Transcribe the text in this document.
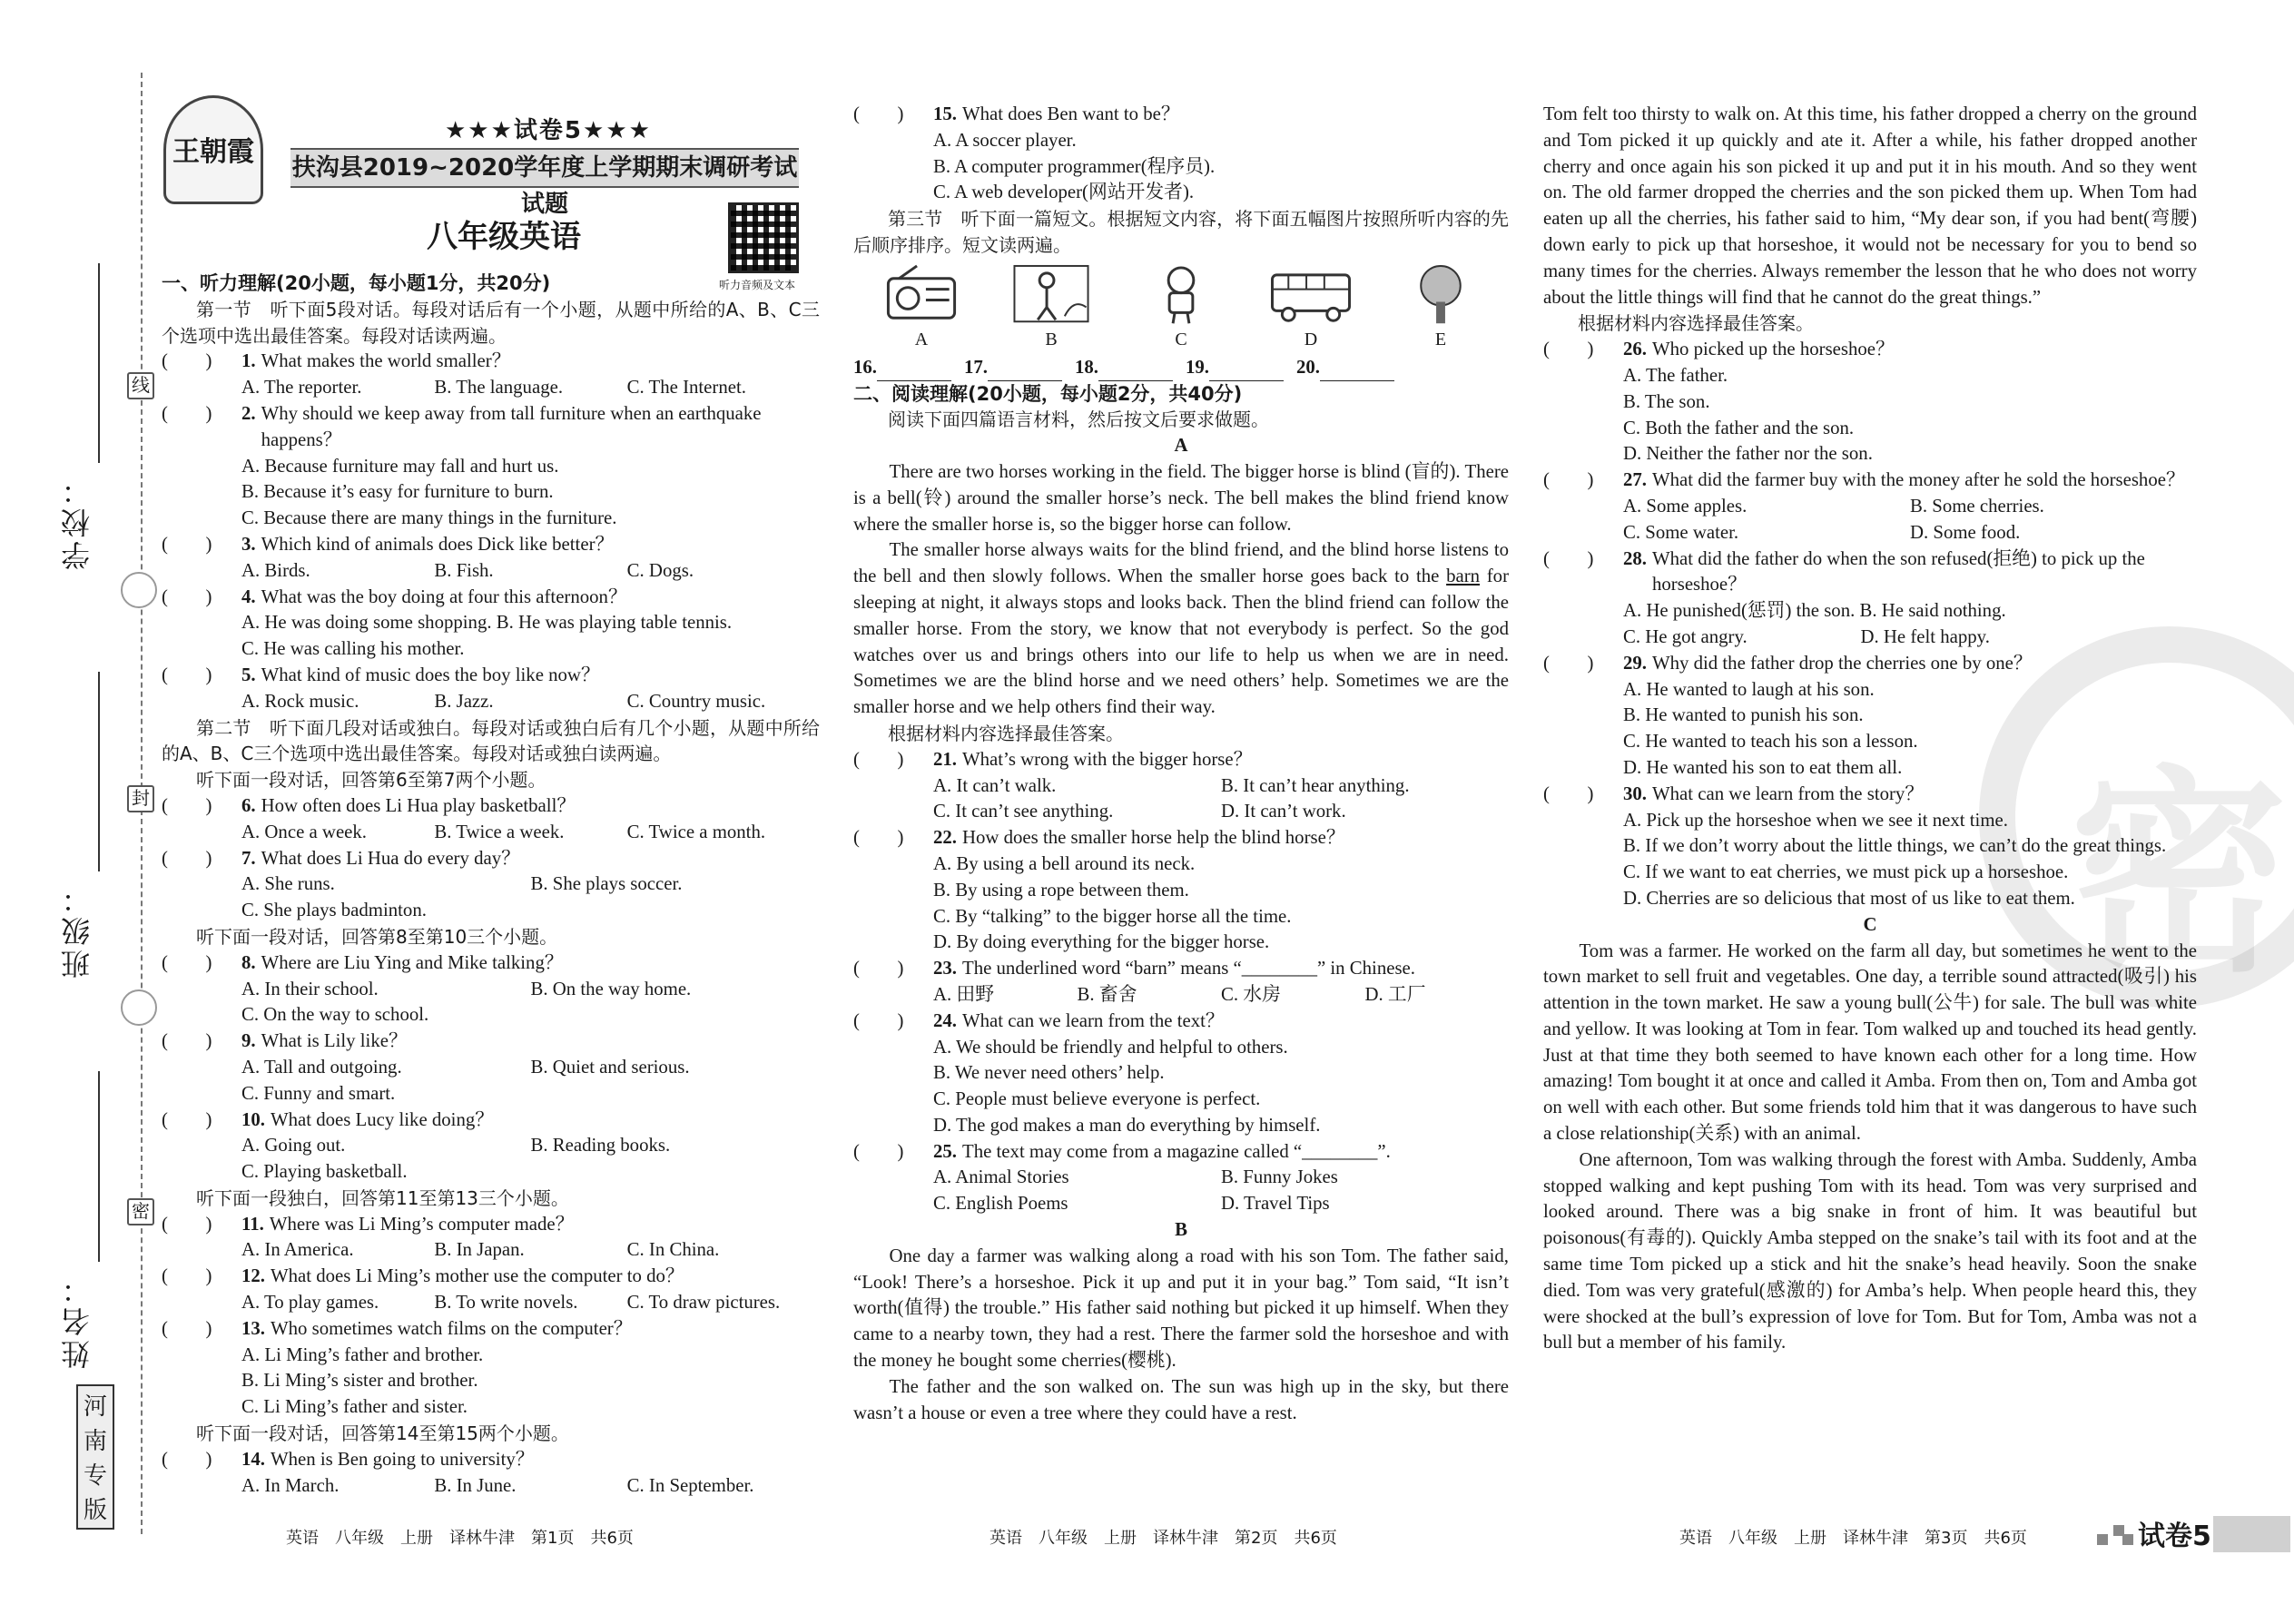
学校：
班级：
姓名：
线
封
密
河南专版
密
王朝霞
★★★试卷5★★★
扶沟县2019~2020学年度上学期期末调研考试试题
八年级英语
听力音频及文本
一、听力理解(20小题，每小题1分，共20分)
第一节　听下面5段对话。每段对话后有一个小题，从题中所给的A、B、C三个选项中选出最佳答案。每段对话读两遍。
(　　)	1. What makes the world smaller？
A. The reporter.	B. The language.	C. The Internet.
(　　)	2. Why should we keep away from tall furniture when an earthquake happens？
A. Because furniture may fall and hurt us.
B. Because it’s easy for furniture to burn.
C. Because there are many things in the furniture.
(　　)	3. Which kind of animals does Dick like better？
A. Birds.	B. Fish.	C. Dogs.
(　　)	4. What was the boy doing at four this afternoon？
A. He was doing some shopping. B. He was playing table tennis.
C. He was calling his mother.
(　　)	5. What kind of music does the boy like now？
A. Rock music.	B. Jazz.	C. Country music.
第二节　听下面几段对话或独白。每段对话或独白后有几个小题，从题中所给的A、B、C三个选项中选出最佳答案。每段对话或独白读两遍。
听下面一段对话，回答第6至第7两个小题。
(　　)	6. How often does Li Hua play basketball？
A. Once a week.	B. Twice a week.	C. Twice a month.
(　　)	7. What does Li Hua do every day？
A. She runs.	B. She plays soccer.
C. She plays badminton.
听下面一段对话，回答第8至第10三个小题。
(　　)	8. Where are Liu Ying and Mike talking？
A. In their school.	B. On the way home.
C. On the way to school.
(　　)	9. What is Lily like？
A. Tall and outgoing.	B. Quiet and serious.
C. Funny and smart.
(　　)	10. What does Lucy like doing？
A. Going out.	B. Reading books.
C. Playing basketball.
听下面一段独白，回答第11至第13三个小题。
(　　)	11. Where was Li Ming’s computer made？
A. In America.	B. In Japan.	C. In China.
(　　)	12. What does Li Ming’s mother use the computer to do？
A. To play games.	B. To write novels.	C. To draw pictures.
(　　)	13. Who sometimes watch films on the computer？
A. Li Ming’s father and brother.
B. Li Ming’s sister and brother.
C. Li Ming’s father and sister.
听下面一段对话，回答第14至第15两个小题。
(　　)	14. When is Ben going to university？
A. In March.	B. In June.	C. In September.
(　　)	15. What does Ben want to be？
A. A soccer player.
B. A computer programmer(程序员).
C. A web developer(网站开发者).
第三节　听下面一篇短文。根据短文内容，将下面五幅图片按照所听内容的先后顺序排序。短文读两遍。
A	B	C	D	E
16.	17.	18.	19.	20.
二、阅读理解(20小题，每小题2分，共40分)
阅读下面四篇语言材料，然后按文后要求做题。
A
There are two horses working in the field. The bigger horse is blind (盲的). There is a bell(铃) around the smaller horse’s neck. The bell makes the blind friend know where the smaller horse is, so the bigger horse can follow.
The smaller horse always waits for the blind friend, and the blind horse listens to the bell and then slowly follows. When the smaller horse goes back to the barn for sleeping at night, it always stops and looks back. Then the blind friend can follow the smaller horse. From the story, we know that not everybody is perfect. So the god watches over us and brings others into our life to help us when we are in need. Sometimes we are the blind horse and we need others’ help. Sometimes we are the smaller horse and we help others find their way.
根据材料内容选择最佳答案。
(　　)	21. What’s wrong with the bigger horse？
A. It can’t walk.	B. It can’t hear anything.
C. It can’t see anything.	D. It can’t work.
(　　)	22. How does the smaller horse help the blind horse？
A. By using a bell around its neck.
B. By using a rope between them.
C. By “talking” to the bigger horse all the time.
D. By doing everything for the bigger horse.
(　　)	23. The underlined word “barn” means “________” in Chinese.
A. 田野	B. 畜舍	C. 水房	D. 工厂
(　　)	24. What can we learn from the text？
A. We should be friendly and helpful to others.
B. We never need others’ help.
C. People must believe everyone is perfect.
D. The god makes a man do everything by himself.
(　　)	25. The text may come from a magazine called “________”.
A. Animal Stories	B. Funny Jokes
C. English Poems	D. Travel Tips
B
One day a farmer was walking along a road with his son Tom. The father said, “Look! There’s a horseshoe. Pick it up and put it in your bag.” Tom said, “It isn’t worth(值得) the trouble.” His father said nothing but picked it up himself. When they came to a nearby town, they had a rest. There the farmer sold the horseshoe and with the money he bought some cherries(樱桃).
The father and the son walked on. The sun was high up in the sky, but there wasn’t a house or even a tree where they could have a rest.
Tom felt too thirsty to walk on. At this time, his father dropped a cherry on the ground and Tom picked it up quickly and ate it. After a while, his father dropped another cherry and once again his son picked it up and put it in his mouth. And so they went on. The old farmer dropped the cherries and the son picked them up. When Tom had eaten up all the cherries, his father said to him, “My dear son, if you had bent(弯腰) down early to pick up that horseshoe, it would not be necessary for you to bend so many times for the cherries. Always remember the lesson that he who does not worry about the little things will find that he cannot do the great things.”
根据材料内容选择最佳答案。
(　　)	26. Who picked up the horseshoe？
A. The father.
B. The son.
C. Both the father and the son.
D. Neither the father nor the son.
(　　)	27. What did the farmer buy with the money after he sold the horseshoe？
A. Some apples.	B. Some cherries.
C. Some water.	D. Some food.
(　　)	28. What did the father do when the son refused(拒绝) to pick up the horseshoe？
A. He punished(惩罚) the son. B. He said nothing.
C. He got angry.　　　　　　D. He felt happy.
(　　)	29. Why did the father drop the cherries one by one？
A. He wanted to laugh at his son.
B. He wanted to punish his son.
C. He wanted to teach his son a lesson.
D. He wanted his son to eat them all.
(　　)	30. What can we learn from the story？
A. Pick up the horseshoe when we see it next time.
B. If we don’t worry about the little things, we can’t do the great things.
C. If we want to eat cherries, we must pick up a horseshoe.
D. Cherries are so delicious that most of us like to eat them.
C
Tom was a farmer. He worked on the farm all day, but sometimes he went to the town market to sell fruit and vegetables. One day, a terrible sound attracted(吸引) his attention in the town market. He saw a young bull(公牛) for sale. The bull was white and yellow. It was looking at Tom in fear. Tom walked up and touched its head gently. Just at that time they both seemed to have known each other for a long time. How amazing! Tom bought it at once and called it Amba. From then on, Tom and Amba got on well with each other. But some friends told him that it was dangerous to have such a close relationship(关系) with an animal.
One afternoon, Tom was walking through the forest with Amba. Suddenly, Amba stopped walking and kept pushing Tom with its head. Tom was very surprised and looked around. There was a big snake in front of him. It was beautiful but poisonous(有毒的). Quickly Amba stepped on the snake’s tail with its foot and at the same time Tom picked up a stick and hit the snake’s head heavily. Soon the snake died. Tom was very grateful(感激的) for Amba’s help. When people heard this, they were shocked at the bull’s expression of love for Tom. But for Tom, Amba was not a bull but a member of his family.
英语　八年级　上册　译林牛津　第1页　共6页	英语　八年级　上册　译林牛津　第2页　共6页	英语　八年级　上册　译林牛津　第3页　共6页	试卷5
